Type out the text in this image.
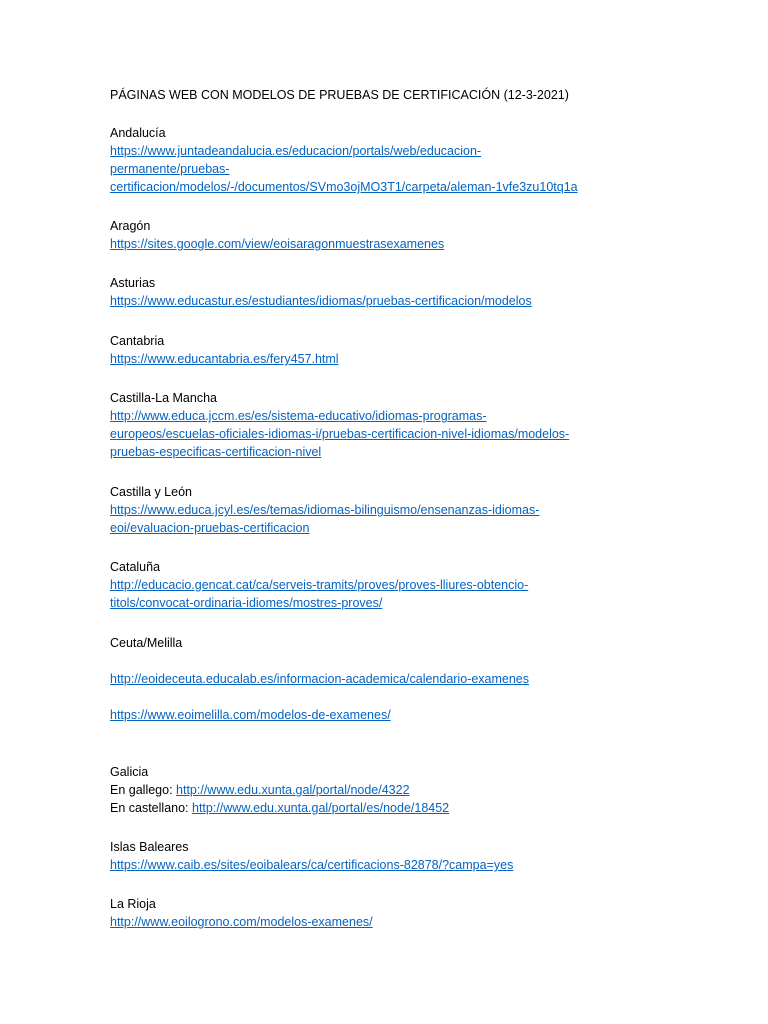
PÁGINAS WEB CON MODELOS DE PRUEBAS DE CERTIFICACIÓN (12-3-2021)
Andalucía
https://www.juntadeandalucia.es/educacion/portals/web/educacion-
permanente/pruebas-
certificacion/modelos/-/documentos/SVmo3ojMO3T1/carpeta/aleman-1vfe3zu10tq1a
Aragón
https://sites.google.com/view/eoisaragonmuestrasexamenes
Asturias
https://www.educastur.es/estudiantes/idiomas/pruebas-certificacion/modelos
Cantabria
https://www.educantabria.es/fery457.html
Castilla-La Mancha
http://www.educa.jccm.es/es/sistema-educativo/idiomas-programas-
europeos/escuelas-oficiales-idiomas-i/pruebas-certificacion-nivel-idiomas/modelos-
pruebas-especificas-certificacion-nivel
Castilla y León
https://www.educa.jcyl.es/es/temas/idiomas-bilinguismo/ensenanzas-idiomas-
eoi/evaluacion-pruebas-certificacion
Cataluña
http://educacio.gencat.cat/ca/serveis-tramits/proves/proves-lliures-obtencio-
titols/convocat-ordinaria-idiomes/mostres-proves/
Ceuta/Melilla
http://eoideceuta.educalab.es/informacion-academica/calendario-examenes
https://www.eoimelilla.com/modelos-de-examenes/
Galicia
En gallego: http://www.edu.xunta.gal/portal/node/4322
En castellano: http://www.edu.xunta.gal/portal/es/node/18452
Islas Baleares
https://www.caib.es/sites/eoibalears/ca/certificacions-82878/?campa=yes
La Rioja
http://www.eoilogrono.com/modelos-examenes/
